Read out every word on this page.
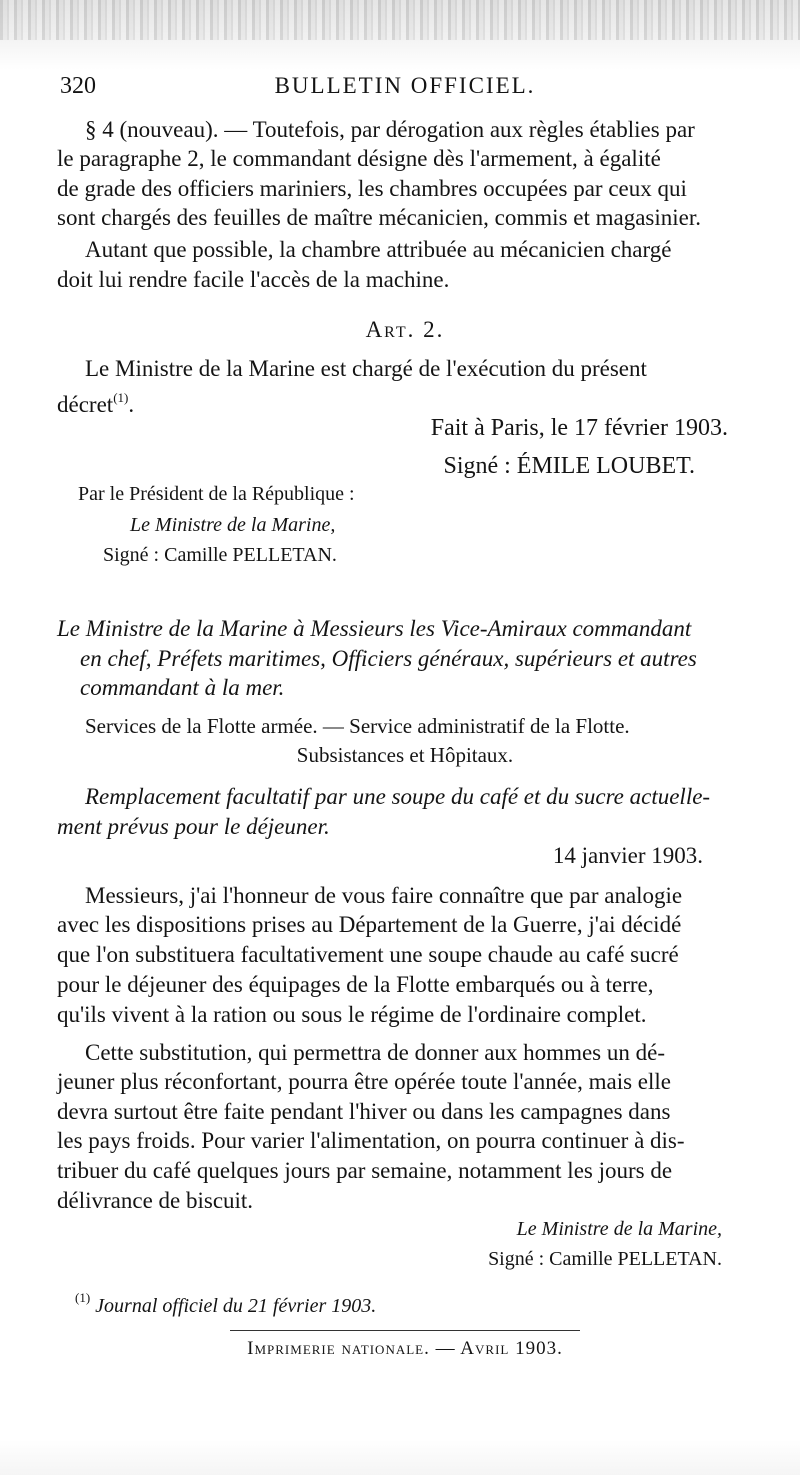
320	BULLETIN OFFICIEL.
§ 4 (nouveau). — Toutefois, par dérogation aux règles établies par
le paragraphe 2, le commandant désigne dès l'armement, à égalité
de grade des officiers mariniers, les chambres occupées par ceux qui
sont chargés des feuilles de maître mécanicien, commis et magasinier.
Autant que possible, la chambre attribuée au mécanicien chargé
doit lui rendre facile l'accès de la machine.
Art. 2.
Le Ministre de la Marine est chargé de l'exécution du présent
décret$^{(1)}$.
Fait à Paris, le 17 février 1903.
Signé : ÉMILE LOUBET.
Par le Président de la République :
Le Ministre de la Marine,
Signé : Camille PELLETAN.
Le Ministre de la Marine à Messieurs les Vice-Amiraux commandant
en chef, Préfets maritimes, Officiers généraux, supérieurs et autres
commandant à la mer.
Services de la Flotte armée. — Service administratif de la Flotte.
Subsistances et Hôpitaux.
Remplacement facultatif par une soupe du café et du sucre actuelle-
ment prévus pour le déjeuner.
14 janvier 1903.
Messieurs, j'ai l'honneur de vous faire connaître que par analogie
avec les dispositions prises au Département de la Guerre, j'ai décidé
que l'on substituera facultativement une soupe chaude au café sucré
pour le déjeuner des équipages de la Flotte embarqués ou à terre,
qu'ils vivent à la ration ou sous le régime de l'ordinaire complet.
Cette substitution, qui permettra de donner aux hommes un dé-
jeuner plus réconfortant, pourra être opérée toute l'année, mais elle
devra surtout être faite pendant l'hiver ou dans les campagnes dans
les pays froids. Pour varier l'alimentation, on pourra continuer à dis-
tribuer du café quelques jours par semaine, notamment les jours de
délivrance de biscuit.
Le Ministre de la Marine,
Signé : Camille PELLETAN.
$^{(1)}$ Journal officiel du 21 février 1903.
Imprimerie nationale. — Avril 1903.
